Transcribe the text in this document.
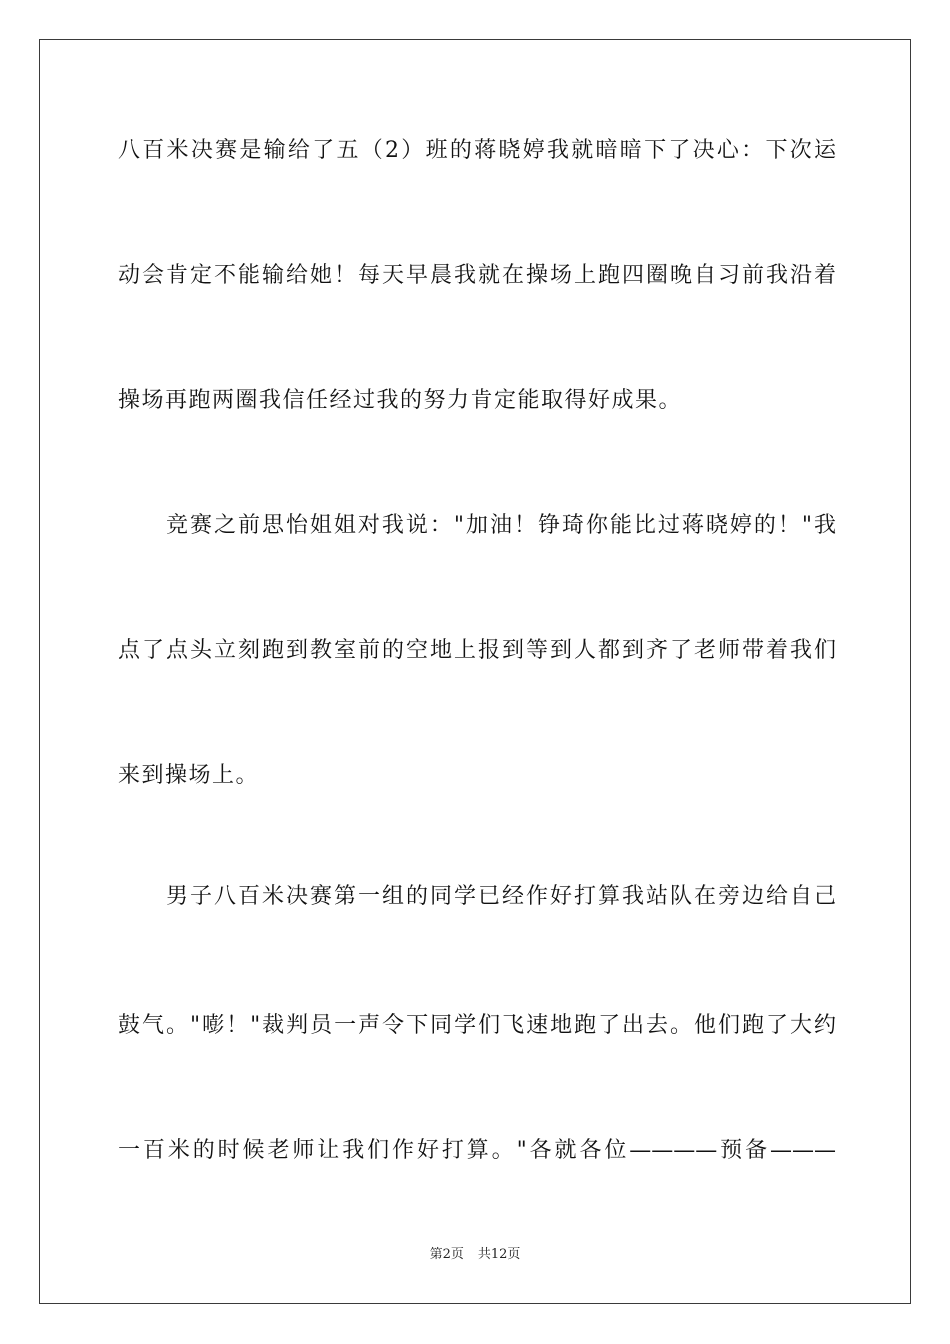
八百米决赛是输给了五（2）班的蒋晓婷我就暗暗下了决心：下次运
动会肯定不能输给她！每天早晨我就在操场上跑四圈晚自习前我沿着
操场再跑两圈我信任经过我的努力肯定能取得好成果。
　　竞赛之前思怡姐姐对我说："加油！铮琦你能比过蒋晓婷的！"我
点了点头立刻跑到教室前的空地上报到等到人都到齐了老师带着我们
来到操场上。
　　男子八百米决赛第一组的同学已经作好打算我站队在旁边给自己
鼓气。"嘭！"裁判员一声令下同学们飞速地跑了出去。他们跑了大约
一百米的时候老师让我们作好打算。"各就各位————预备———
第2页 共12页
